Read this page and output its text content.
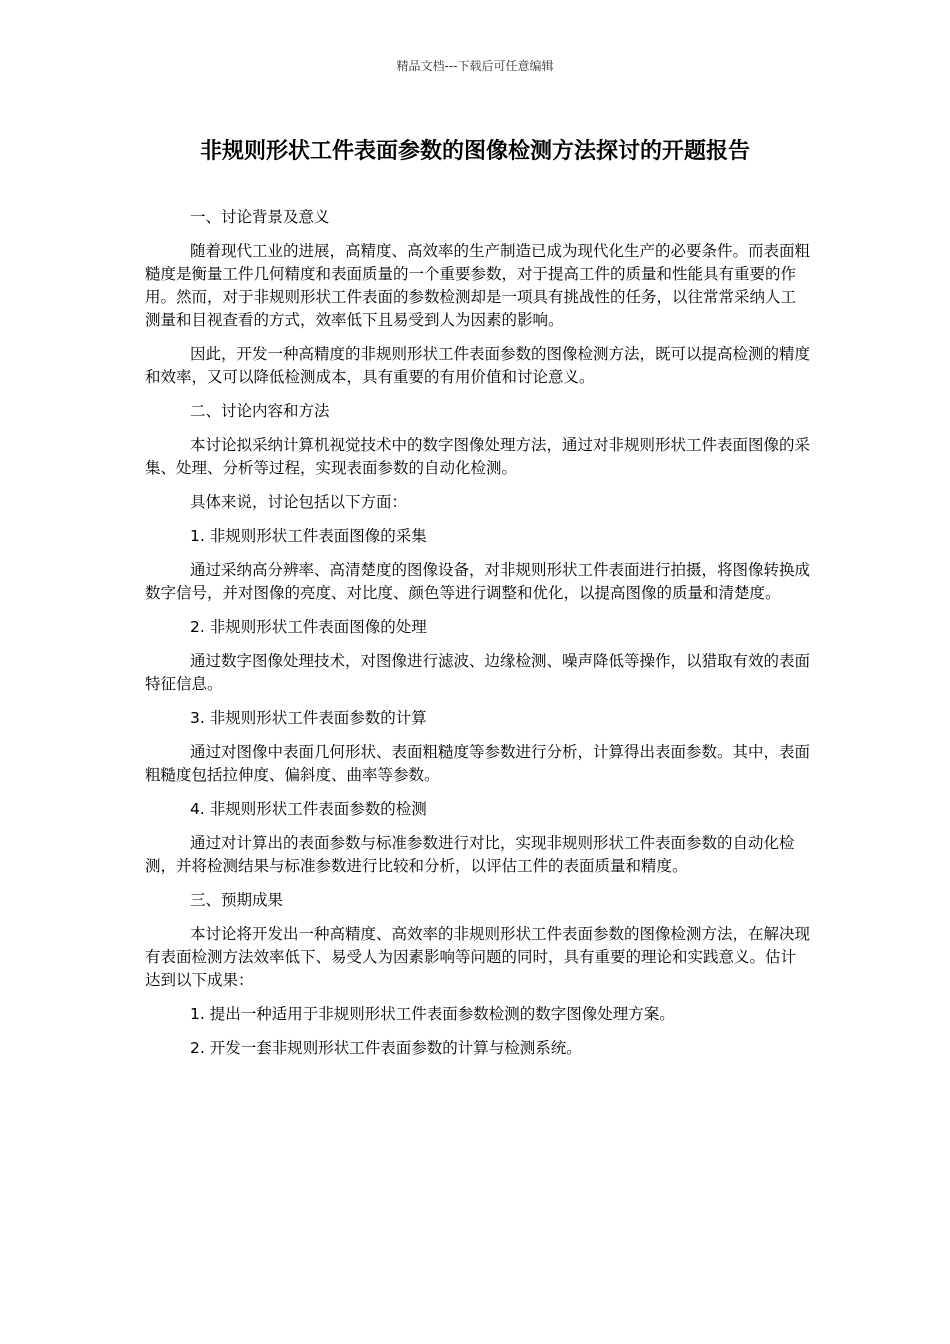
精品文档---下载后可任意编辑
非规则形状工件表面参数的图像检测方法探讨的开题报告

一、讨论背景及意义

随着现代工业的进展，高精度、高效率的生产制造已成为现代化生产的必要条件。而表面粗糙度是衡量工件几何精度和表面质量的一个重要参数，对于提高工件的质量和性能具有重要的作用。然而，对于非规则形状工件表面的参数检测却是一项具有挑战性的任务，以往常常采纳人工测量和目视查看的方式，效率低下且易受到人为因素的影响。

因此，开发一种高精度的非规则形状工件表面参数的图像检测方法，既可以提高检测的精度和效率，又可以降低检测成本，具有重要的有用价值和讨论意义。

二、讨论内容和方法

本讨论拟采纳计算机视觉技术中的数字图像处理方法，通过对非规则形状工件表面图像的采集、处理、分析等过程，实现表面参数的自动化检测。

具体来说，讨论包括以下方面：

1. 非规则形状工件表面图像的采集

通过采纳高分辨率、高清楚度的图像设备，对非规则形状工件表面进行拍摄，将图像转换成数字信号，并对图像的亮度、对比度、颜色等进行调整和优化，以提高图像的质量和清楚度。

2. 非规则形状工件表面图像的处理

通过数字图像处理技术，对图像进行滤波、边缘检测、噪声降低等操作，以猎取有效的表面特征信息。

3. 非规则形状工件表面参数的计算

通过对图像中表面几何形状、表面粗糙度等参数进行分析，计算得出表面参数。其中，表面粗糙度包括拉伸度、偏斜度、曲率等参数。

4. 非规则形状工件表面参数的检测

通过对计算出的表面参数与标准参数进行对比，实现非规则形状工件表面参数的自动化检测，并将检测结果与标准参数进行比较和分析，以评估工件的表面质量和精度。

三、预期成果

本讨论将开发出一种高精度、高效率的非规则形状工件表面参数的图像检测方法，在解决现有表面检测方法效率低下、易受人为因素影响等问题的同时，具有重要的理论和实践意义。估计达到以下成果：

1. 提出一种适用于非规则形状工件表面参数检测的数字图像处理方案。

2. 开发一套非规则形状工件表面参数的计算与检测系统。
